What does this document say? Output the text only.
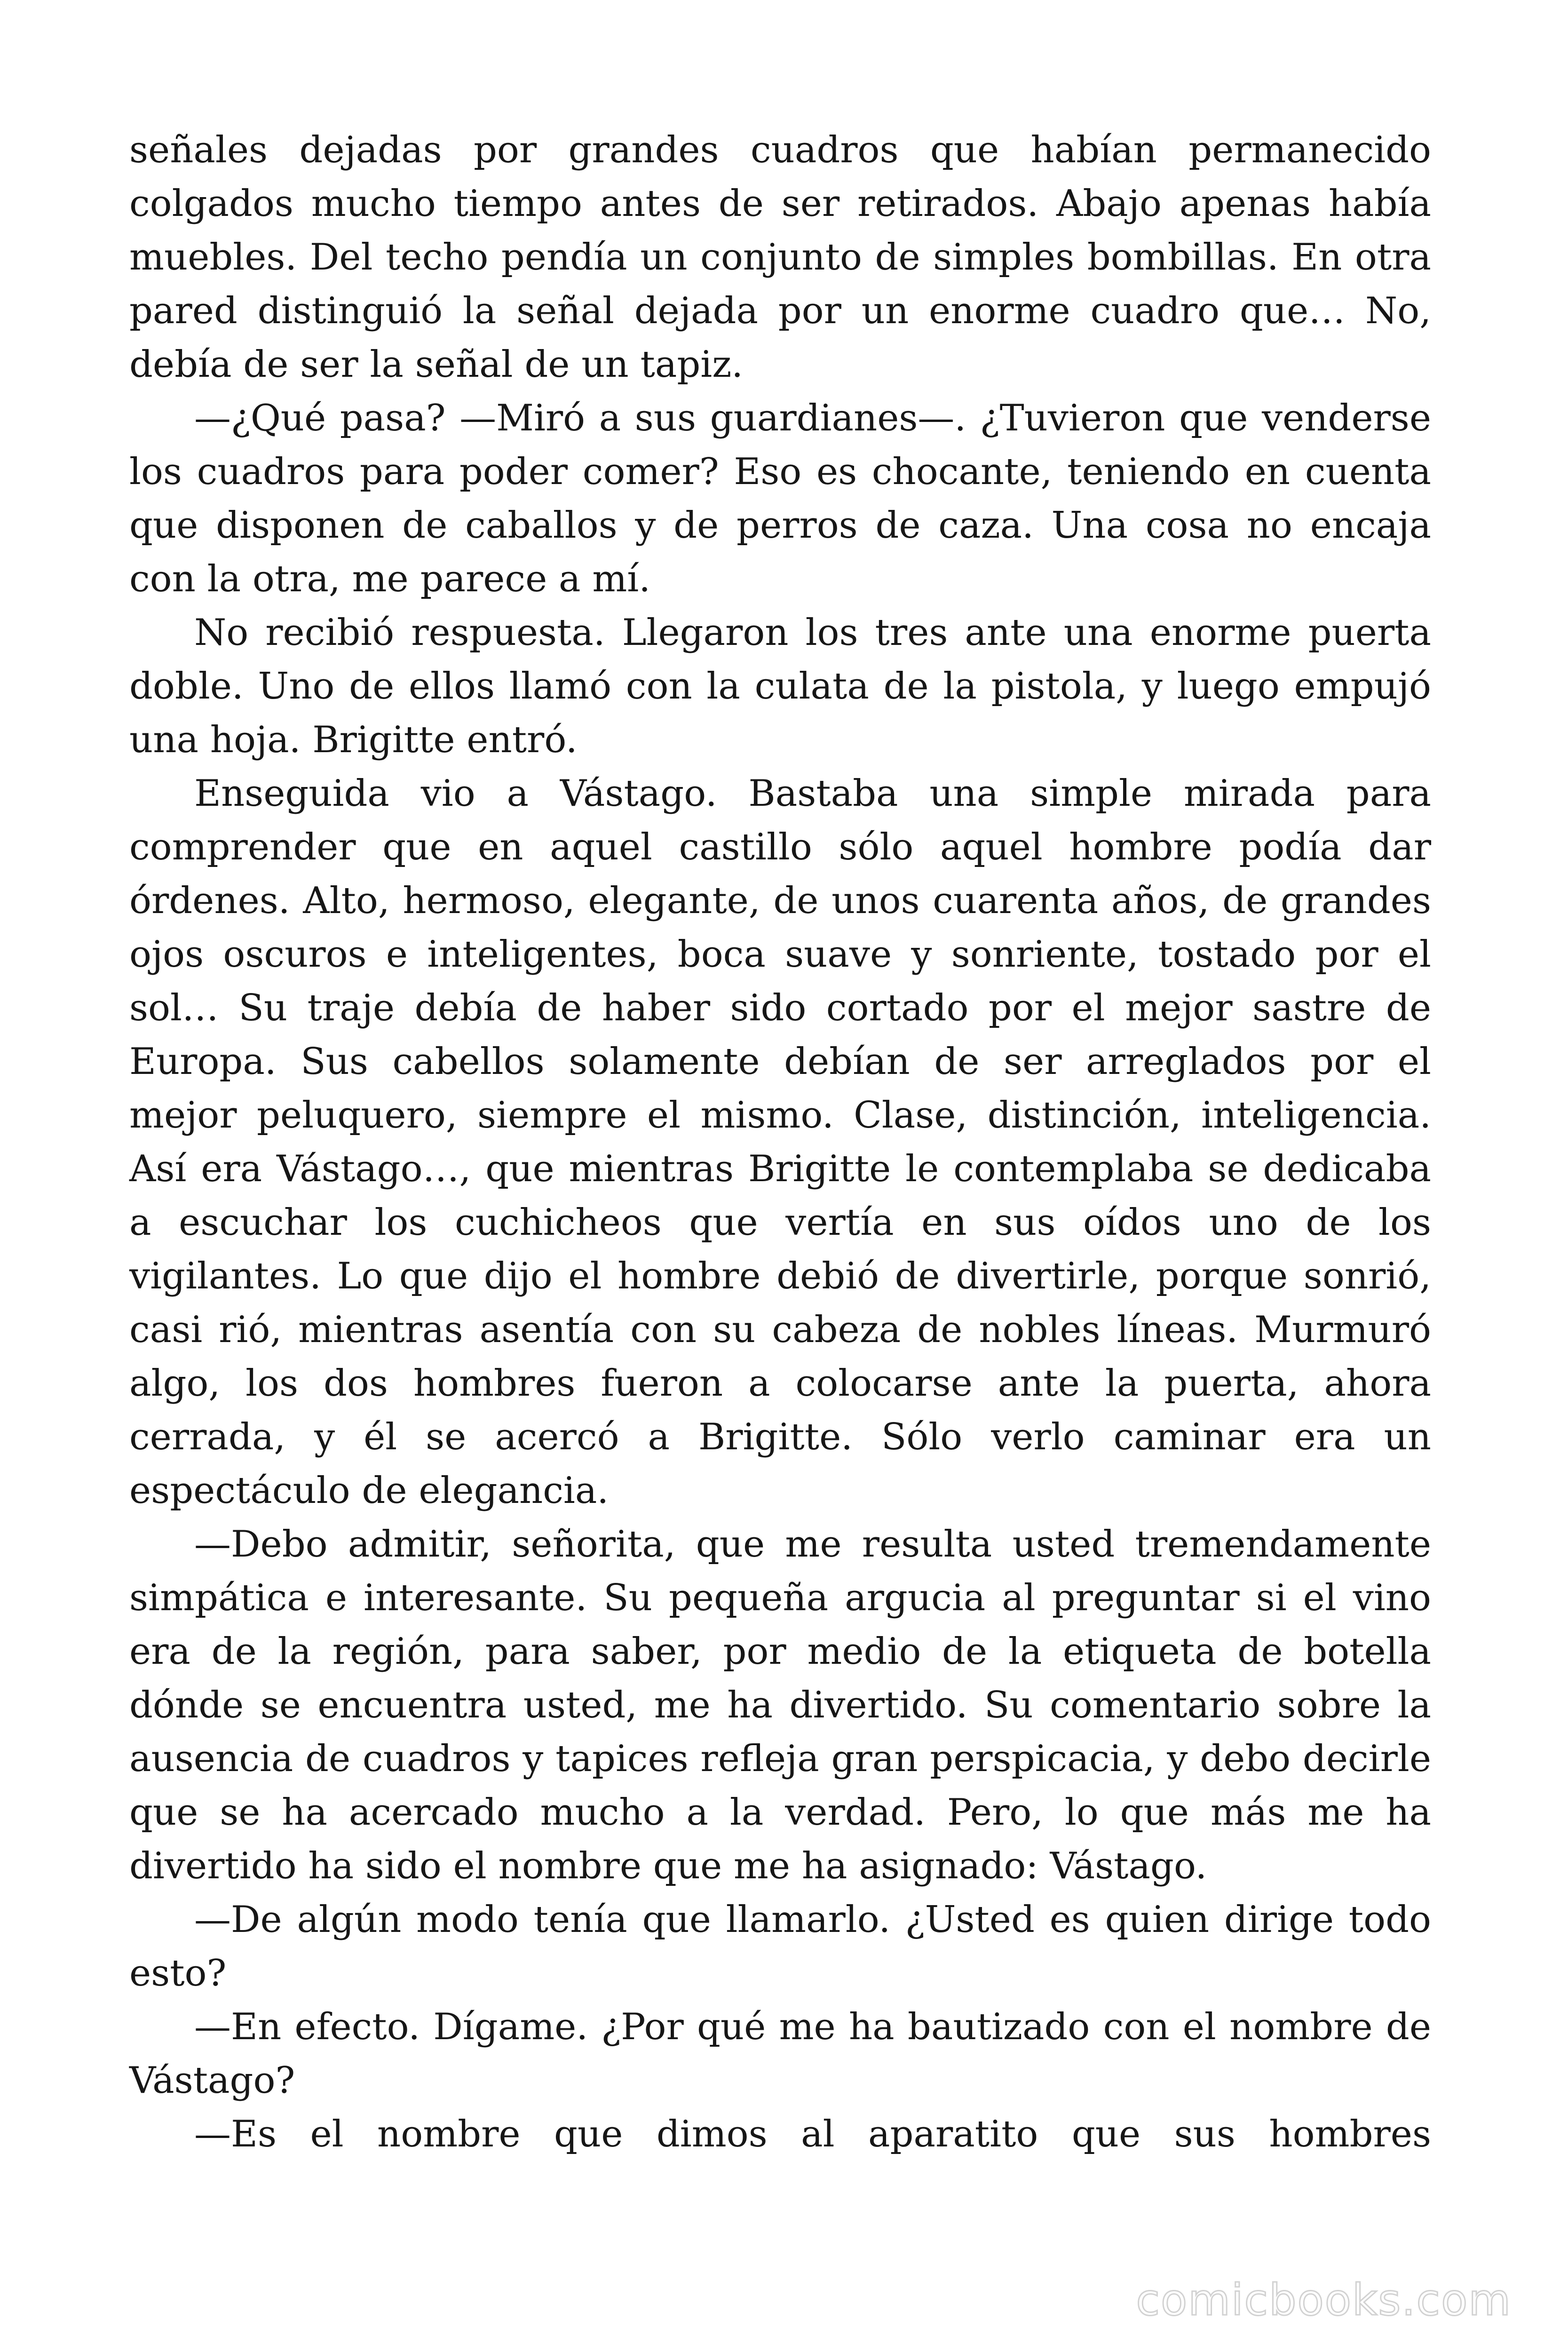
señales dejadas por grandes cuadros que habían permanecido colgados mucho tiempo antes de ser retirados. Abajo apenas había muebles. Del techo pendía un conjunto de simples bombillas. En otra pared distinguió la señal dejada por un enorme cuadro que… No, debía de ser la señal de un tapiz.

—¿Qué pasa? —Miró a sus guardianes—. ¿Tuvieron que venderse los cuadros para poder comer? Eso es chocante, teniendo en cuenta que disponen de caballos y de perros de caza. Una cosa no encaja con la otra, me parece a mí.

No recibió respuesta. Llegaron los tres ante una enorme puerta doble. Uno de ellos llamó con la culata de la pistola, y luego empujó una hoja. Brigitte entró.

Enseguida vio a Vástago. Bastaba una simple mirada para comprender que en aquel castillo sólo aquel hombre podía dar órdenes. Alto, hermoso, elegante, de unos cuarenta años, de grandes ojos oscuros e inteligentes, boca suave y sonriente, tostado por el sol… Su traje debía de haber sido cortado por el mejor sastre de Europa. Sus cabellos solamente debían de ser arreglados por el mejor peluquero, siempre el mismo. Clase, distinción, inteligencia. Así era Vástago…, que mientras Brigitte le contemplaba se dedicaba a escuchar los cuchicheos que vertía en sus oídos uno de los vigilantes. Lo que dijo el hombre debió de divertirle, porque sonrió, casi rió, mientras asentía con su cabeza de nobles líneas. Murmuró algo, los dos hombres fueron a colocarse ante la puerta, ahora cerrada, y él se acercó a Brigitte. Sólo verlo caminar era un espectáculo de elegancia.

—Debo admitir, señorita, que me resulta usted tremendamente simpática e interesante. Su pequeña argucia al preguntar si el vino era de la región, para saber, por medio de la etiqueta de botella dónde se encuentra usted, me ha divertido. Su comentario sobre la ausencia de cuadros y tapices refleja gran perspicacia, y debo decirle que se ha acercado mucho a la verdad. Pero, lo que más me ha divertido ha sido el nombre que me ha asignado: Vástago.

—De algún modo tenía que llamarlo. ¿Usted es quien dirige todo esto?

—En efecto. Dígame. ¿Por qué me ha bautizado con el nombre de Vástago?

—Es el nombre que dimos al aparatito que sus hombres

comicbooks.com
